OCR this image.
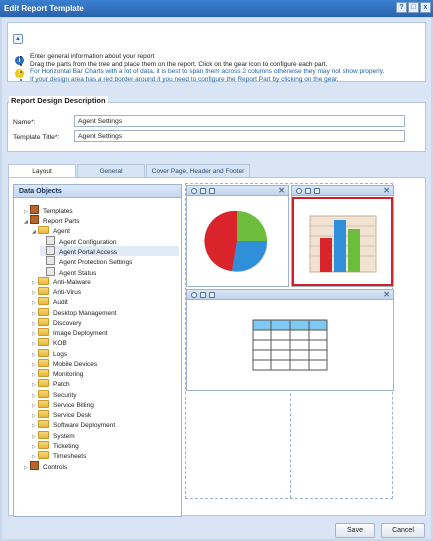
Edit Report Template	?	□	x
▲
i
!
• Enter general information about your report
• Drag the parts from the tree and place them on the report. Click on the gear icon to configure each part.
• For Horizontal Bar Charts with a lot of data, it is best to span them across 2 columns otherwise they may not show properly.
• If your design area has a red border around it you need to configure the Report Part by clicking on the gear.
Report Design Description
Name*:	Agent Settings
Template Title*:	Agent Settings
Layout	General	Cover Page, Header and Footer
Data Objects
▷ Templates
◢ Report Parts
◢	Agent
Agent Configuration
Agent Portal Access
Agent Protection Settings
Agent Status
▷	Anti-Malware
▷	Anti-Virus
▷	Audit
▷	Desktop Management
▷	Discovery
▷	Image Deployment
▷	KOB
▷	Logs
▷	Mobile Devices
▷	Monitoring
▷	Patch
▷	Security
▷	Service Billing
▷	Service Desk
▷	Software Deployment
▷	System
▷	Ticketing
▷	Timesheets
▷ Controls
✕	✕
✕
Save	Cancel
